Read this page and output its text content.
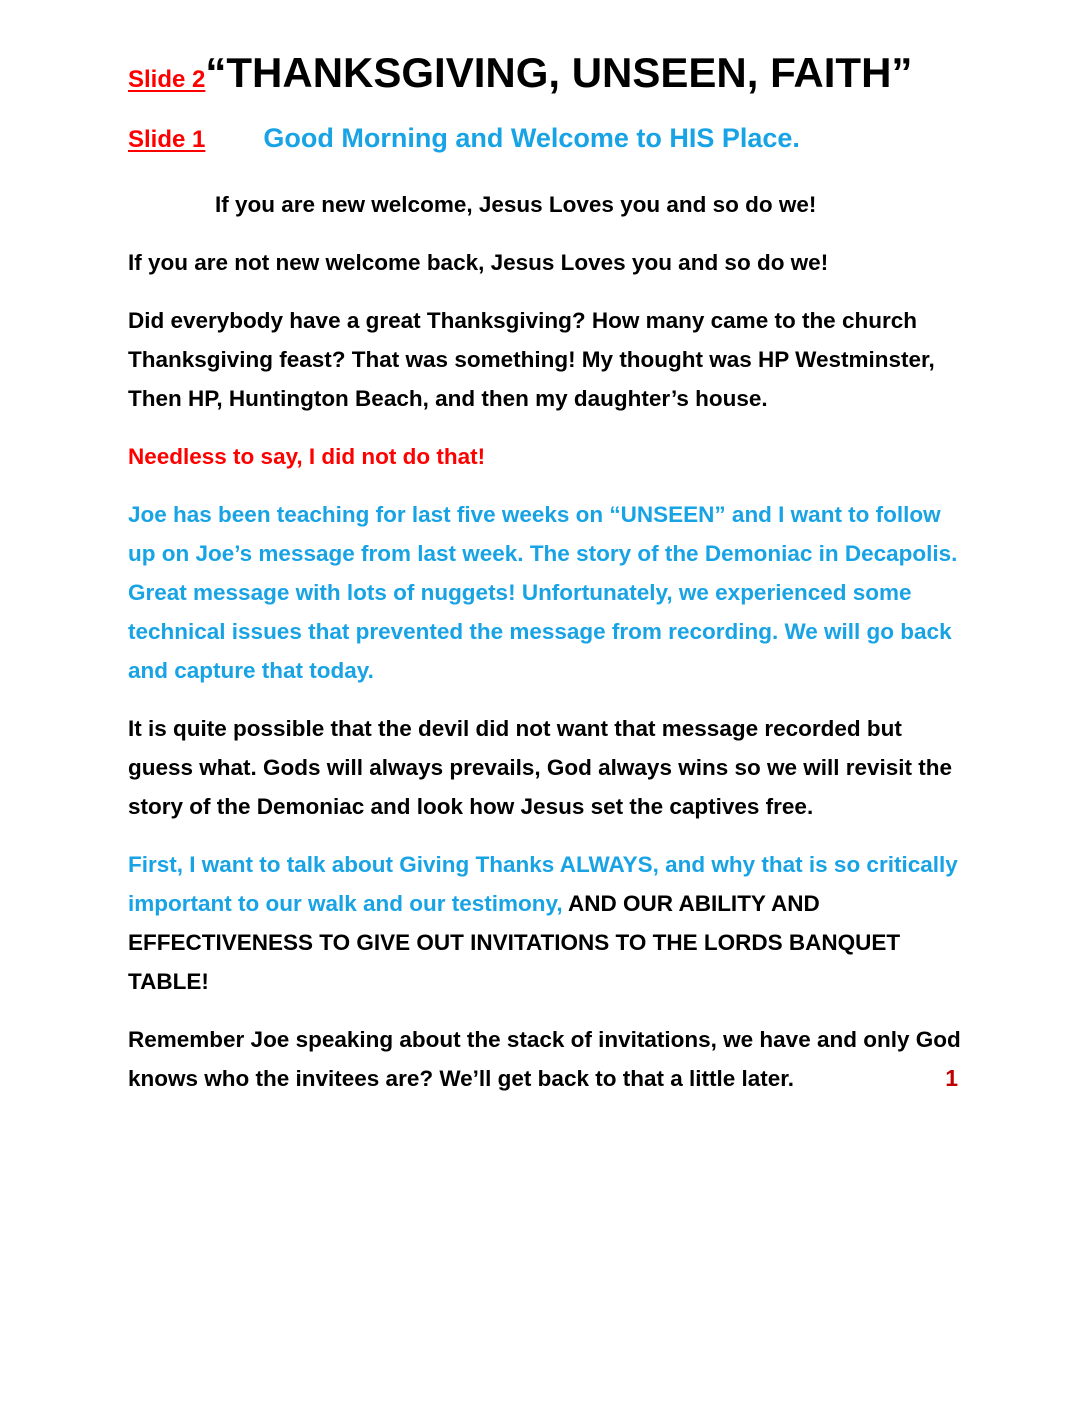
Slide 2“THANKSGIVING, UNSEEN, FAITH”
Slide 1 Good Morning and Welcome to HIS Place.

If you are new welcome, Jesus Loves you and so do we!

If you are not new welcome back, Jesus Loves you and so do we!

Did everybody have a great Thanksgiving? How many came to the church Thanksgiving feast? That was something! My thought was HP Westminster, Then HP, Huntington Beach, and then my daughter’s house.

Needless to say, I did not do that!

Joe has been teaching for last five weeks on “UNSEEN” and I want to follow up on Joe’s message from last week. The story of the Demoniac in Decapolis. Great message with lots of nuggets! Unfortunately, we experienced some technical issues that prevented the message from recording. We will go back and capture that today.

It is quite possible that the devil did not want that message recorded but guess what. Gods will always prevails, God always wins so we will revisit the story of the Demoniac and look how Jesus set the captives free.

First, I want to talk about Giving Thanks ALWAYS, and why that is so critically important to our walk and our testimony, AND OUR ABILITY AND EFFECTIVENESS TO GIVE OUT INVITATIONS TO THE LORDS BANQUET TABLE!

Remember Joe speaking about the stack of invitations, we have and only God knows who the invitees are? We’ll get back to that a little later.	1
